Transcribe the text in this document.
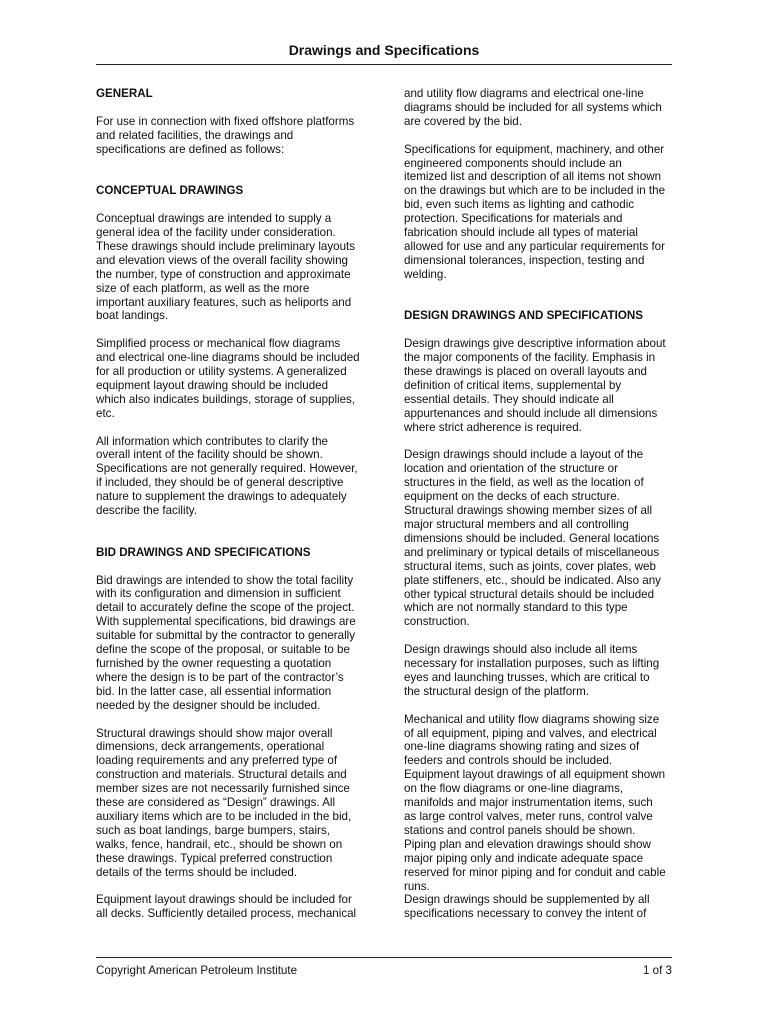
Drawings and Specifications
GENERAL

For use in connection with fixed offshore platforms and related facilities, the drawings and specifications are defined as follows:

CONCEPTUAL DRAWINGS

Conceptual drawings are intended to supply a general idea of the facility under consideration. These drawings should include preliminary layouts and elevation views of the overall facility showing the number, type of construction and approximate size of each platform, as well as the more important auxiliary features, such as heliports and boat landings.

Simplified process or mechanical flow diagrams and electrical one-line diagrams should be included for all production or utility systems. A generalized equipment layout drawing should be included which also indicates buildings, storage of supplies, etc.

All information which contributes to clarify the overall intent of the facility should be shown. Specifications are not generally required. However, if included, they should be of general descriptive nature to supplement the drawings to adequately describe the facility.

BID DRAWINGS AND SPECIFICATIONS

Bid drawings are intended to show the total facility with its configuration and dimension in sufficient detail to accurately define the scope of the project. With supplemental specifications, bid drawings are suitable for submittal by the contractor to generally define the scope of the proposal, or suitable to be furnished by the owner requesting a quotation where the design is to be part of the contractor’s bid. In the latter case, all essential information needed by the designer should be included.

Structural drawings should show major overall dimensions, deck arrangements, operational loading requirements and any preferred type of construction and materials. Structural details and member sizes are not necessarily furnished since these are considered as “Design” drawings. All auxiliary items which are to be included in the bid, such as boat landings, barge bumpers, stairs, walks, fence, handrail, etc., should be shown on these drawings. Typical preferred construction details of the terms should be included.

Equipment layout drawings should be included for all decks. Sufficiently detailed process, mechanical

and utility flow diagrams and electrical one-line diagrams should be included for all systems which are covered by the bid.

Specifications for equipment, machinery, and other engineered components should include an itemized list and description of all items not shown on the drawings but which are to be included in the bid, even such items as lighting and cathodic protection. Specifications for materials and fabrication should include all types of material allowed for use and any particular requirements for dimensional tolerances, inspection, testing and welding.

DESIGN DRAWINGS AND SPECIFICATIONS

Design drawings give descriptive information about the major components of the facility. Emphasis in these drawings is placed on overall layouts and definition of critical items, supplemental by essential details. They should indicate all appurtenances and should include all dimensions where strict adherence is required.

Design drawings should include a layout of the location and orientation of the structure or structures in the field, as well as the location of equipment on the decks of each structure. Structural drawings showing member sizes of all major structural members and all controlling dimensions should be included. General locations and preliminary or typical details of miscellaneous structural items, such as joints, cover plates, web plate stiffeners, etc., should be indicated. Also any other typical structural details should be included which are not normally standard to this type construction.

Design drawings should also include all items necessary for installation purposes, such as lifting eyes and launching trusses, which are critical to the structural design of the platform.

Mechanical and utility flow diagrams showing size of all equipment, piping and valves, and electrical one-line diagrams showing rating and sizes of feeders and controls should be included. Equipment layout drawings of all equipment shown on the flow diagrams or one-line diagrams, manifolds and major instrumentation items, such as large control valves, meter runs, control valve stations and control panels should be shown. Piping plan and elevation drawings should show major piping only and indicate adequate space reserved for minor piping and for conduit and cable runs.

Design drawings should be supplemented by all specifications necessary to convey the intent of

Copyright American Petroleum Institute	1 of 3
